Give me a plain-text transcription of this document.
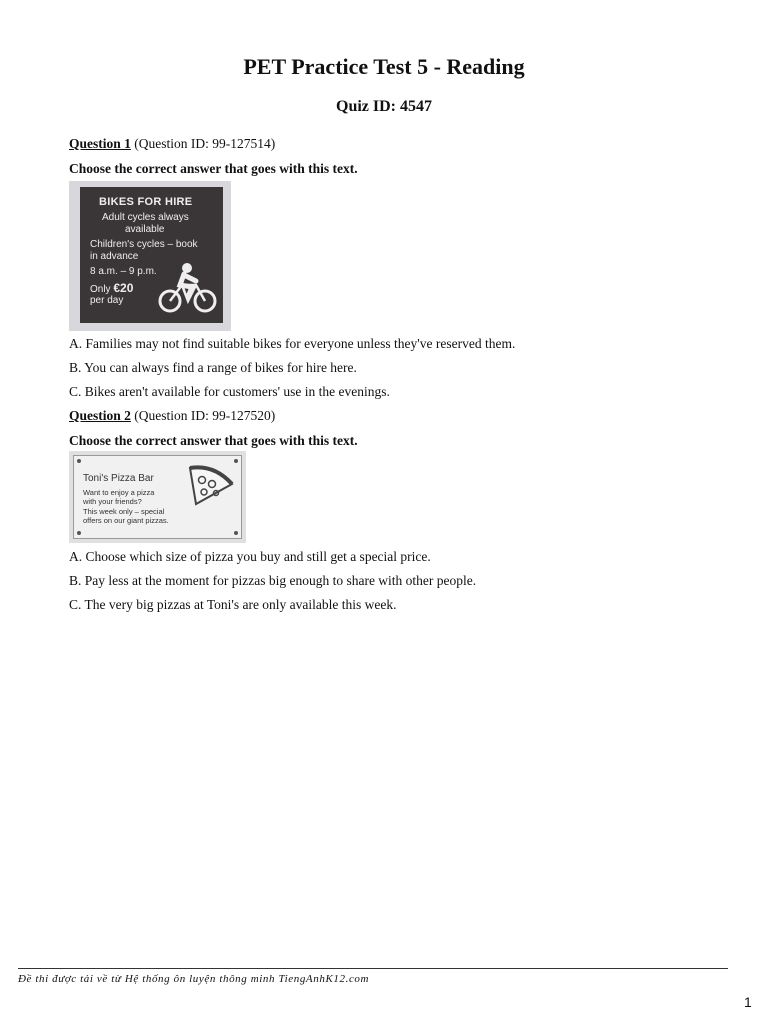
PET Practice Test 5 - Reading
Quiz ID: 4547
Question 1 (Question ID: 99-127514)
Choose the correct answer that goes with this text.
BIKES FOR HIRE
Adult cycles always
available
Children's cycles – book
in advance
8 a.m. – 9 p.m.
Only €20
per day
A. Families may not find suitable bikes for everyone unless they've reserved them.
B. You can always find a range of bikes for hire here.
C. Bikes aren't available for customers' use in the evenings.
Question 2 (Question ID: 99-127520)
Choose the correct answer that goes with this text.
Toni's Pizza Bar
Want to enjoy a pizza
with your friends?
This week only – special
offers on our giant pizzas.
A. Choose which size of pizza you buy and still get a special price.
B. Pay less at the moment for pizzas big enough to share with other people.
C. The very big pizzas at Toni's are only available this week.
Đề thi được tải về từ Hệ thống ôn luyện thông minh TiengAnhK12.com
1
